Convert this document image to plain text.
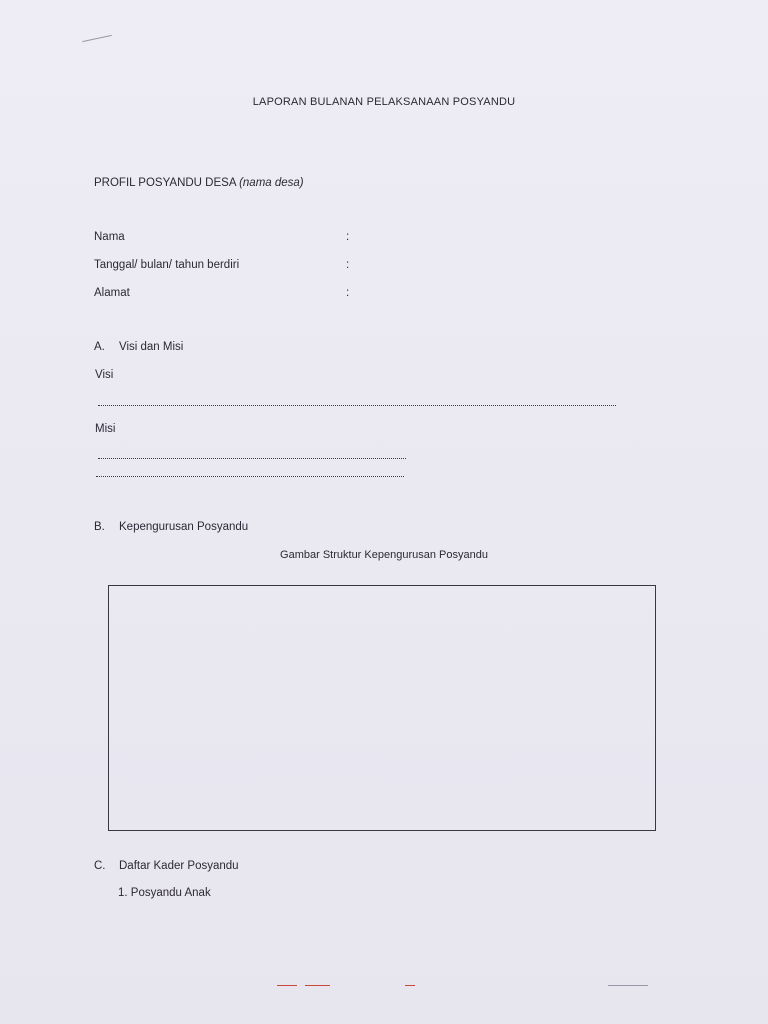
LAPORAN BULANAN PELAKSANAAN POSYANDU
PROFIL POSYANDU DESA (nama desa)
Nama	:
Tanggal/ bulan/ tahun berdiri	:
Alamat	:
A. Visi dan Misi
Visi
Misi
B. Kepengurusan Posyandu
Gambar Struktur Kepengurusan Posyandu
C. Daftar Kader Posyandu
1. Posyandu Anak
